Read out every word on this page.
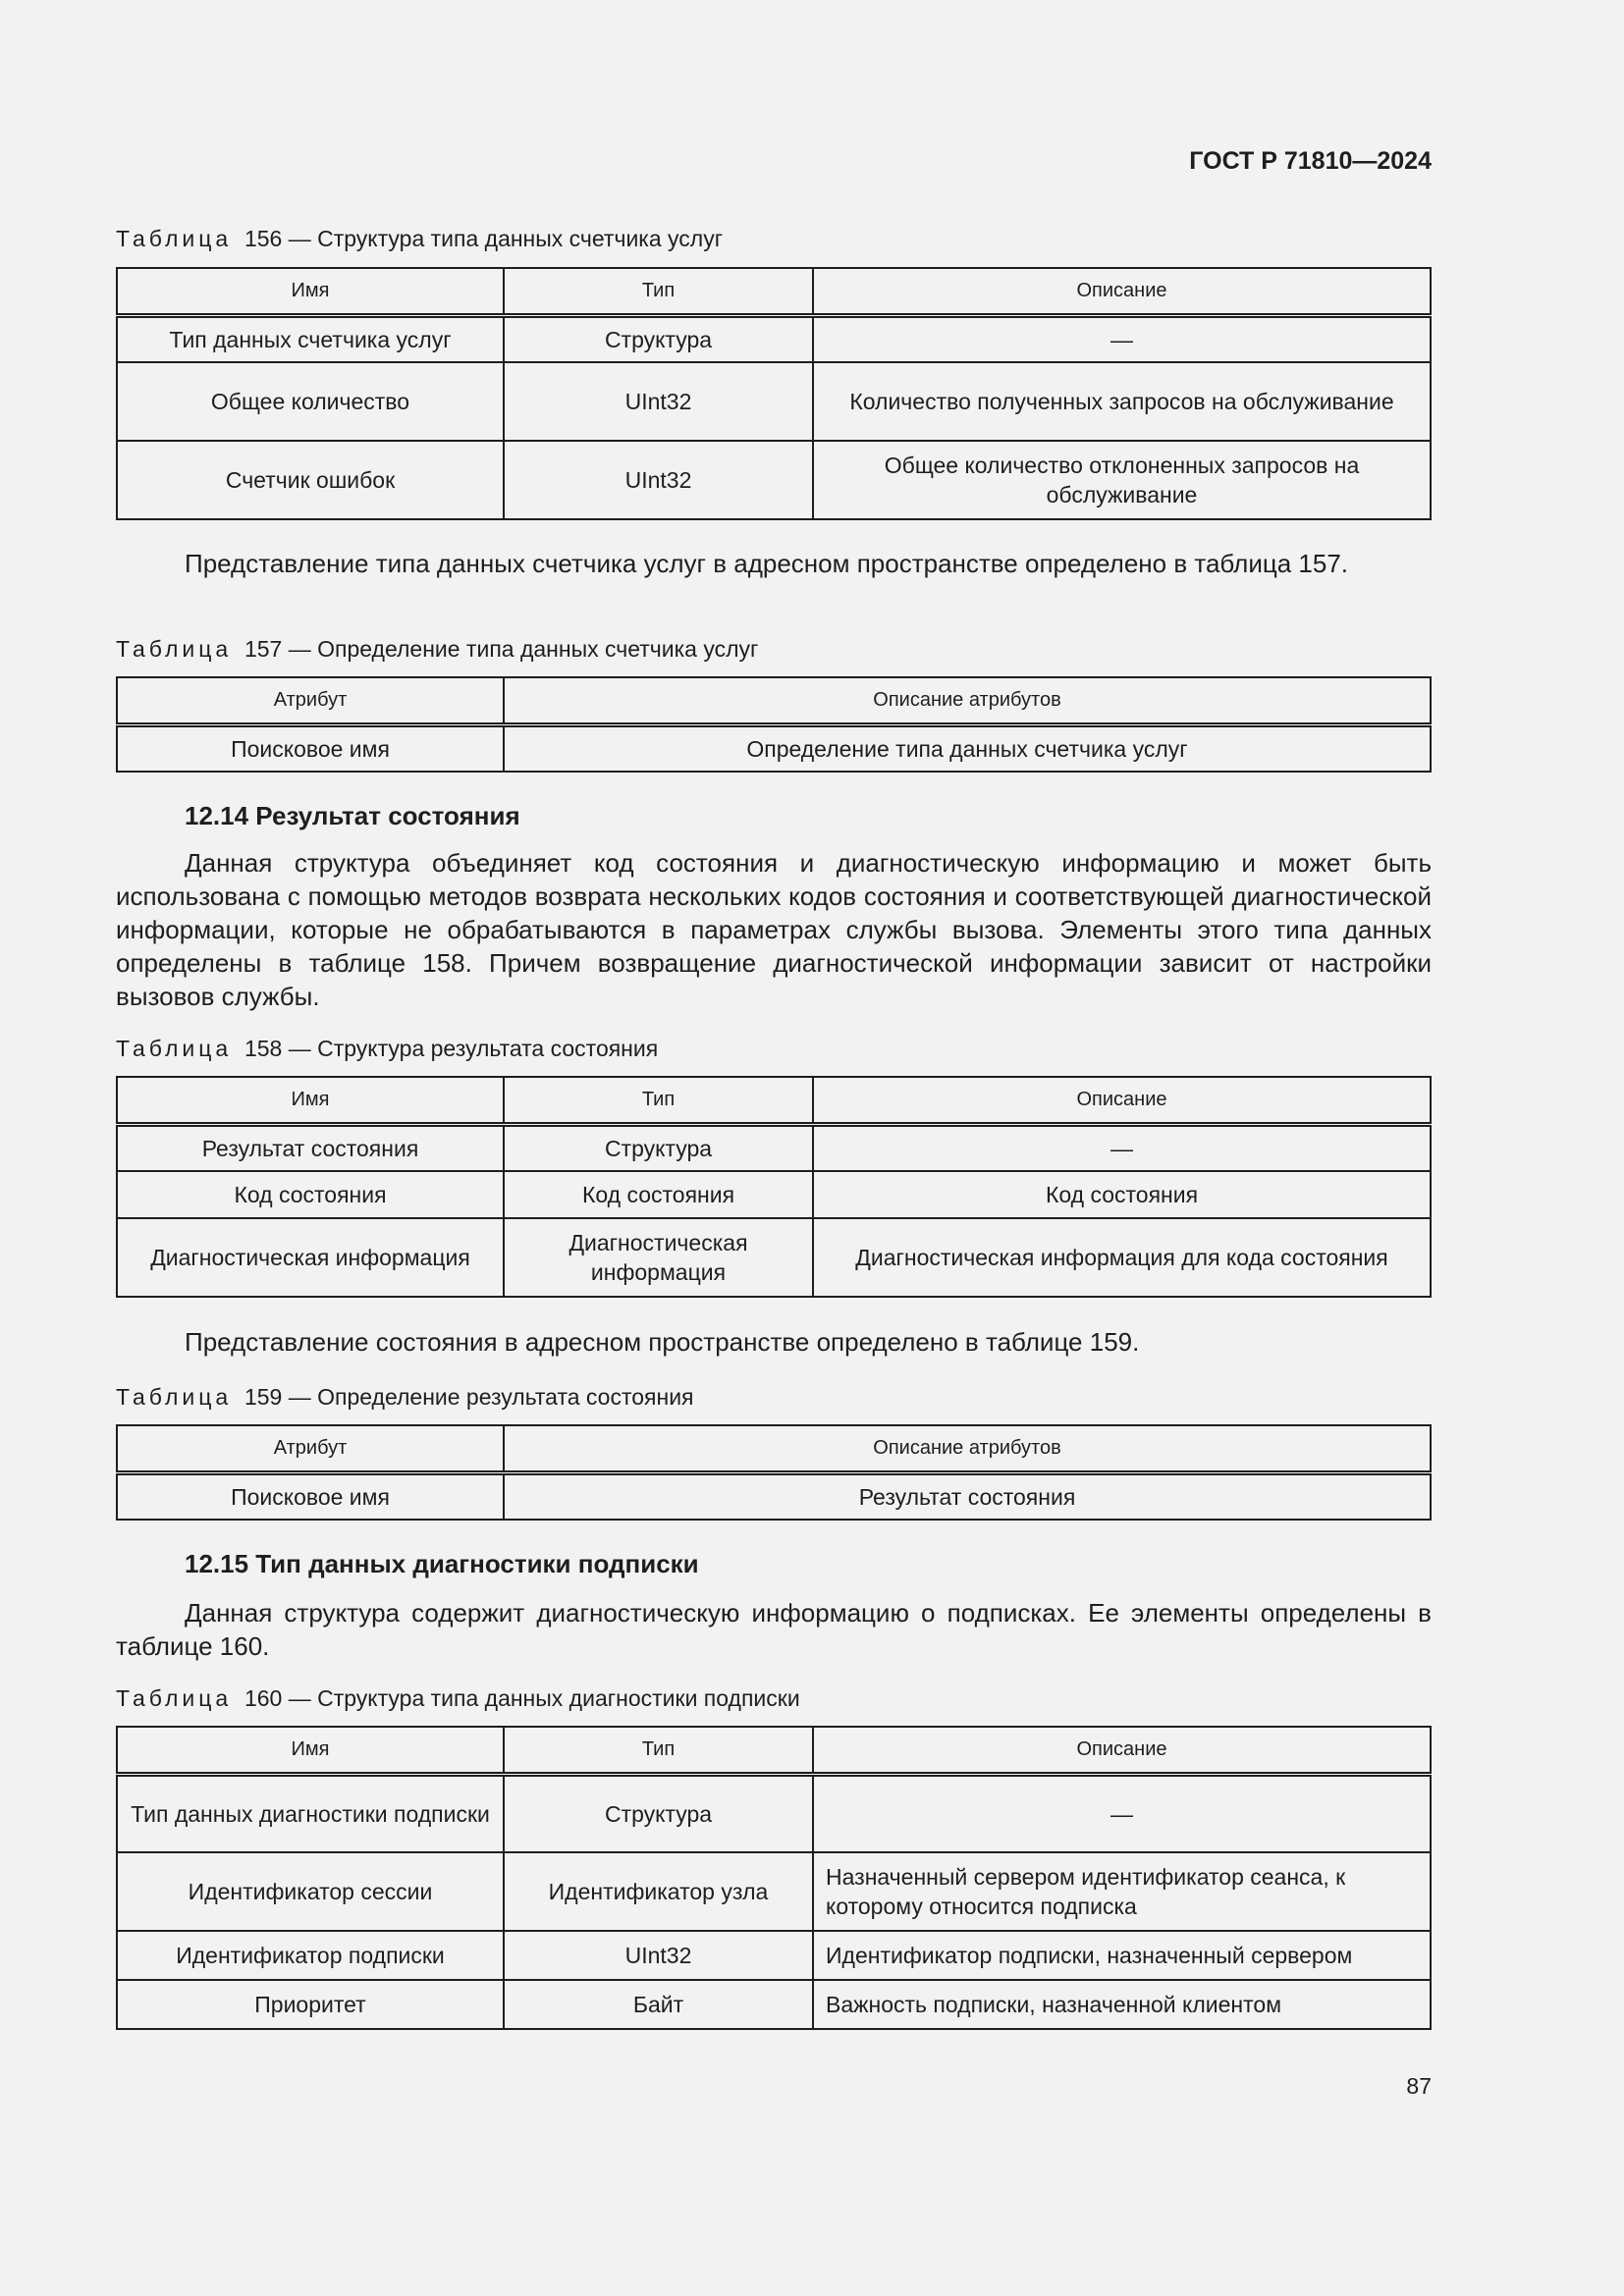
ГОСТ Р 71810—2024
Таблица 156 — Структура типа данных счетчика услуг
Имя	Тип	Описание
Тип данных счетчика услуг	Структура	—
Общее количество	UInt32	Количество полученных запросов на обслуживание
Счетчик ошибок	UInt32	Общее количество отклоненных запросов на обслуживание
Представление типа данных счетчика услуг в адресном пространстве определено в таблица 157.
Таблица 157 — Определение типа данных счетчика услуг
Атрибут	Описание атрибутов
Поисковое имя	Определение типа данных счетчика услуг
12.14 Результат состояния
Данная структура объединяет код состояния и диагностическую информацию и может быть использована с помощью методов возврата нескольких кодов состояния и соответствующей диагностической информации, которые не обрабатываются в параметрах службы вызова. Элементы этого типа данных определены в таблице 158. Причем возвращение диагностической информации зависит от настройки вызовов службы.
Таблица 158 — Структура результата состояния
Имя	Тип	Описание
Результат состояния	Структура	—
Код состояния	Код состояния	Код состояния
Диагностическая информация	Диагностическая информация	Диагностическая информация для кода состояния
Представление состояния в адресном пространстве определено в таблице 159.
Таблица 159 — Определение результата состояния
Атрибут	Описание атрибутов
Поисковое имя	Результат состояния
12.15 Тип данных диагностики подписки
Данная структура содержит диагностическую информацию о подписках. Ее элементы определены в таблице 160.
Таблица 160 — Структура типа данных диагностики подписки
Имя	Тип	Описание
Тип данных диагностики подписки	Структура	—
Идентификатор сессии	Идентификатор узла	Назначенный сервером идентификатор сеанса, к которому относится подписка
Идентификатор подписки	UInt32	Идентификатор подписки, назначенный сервером
Приоритет	Байт	Важность подписки, назначенной клиентом
87
